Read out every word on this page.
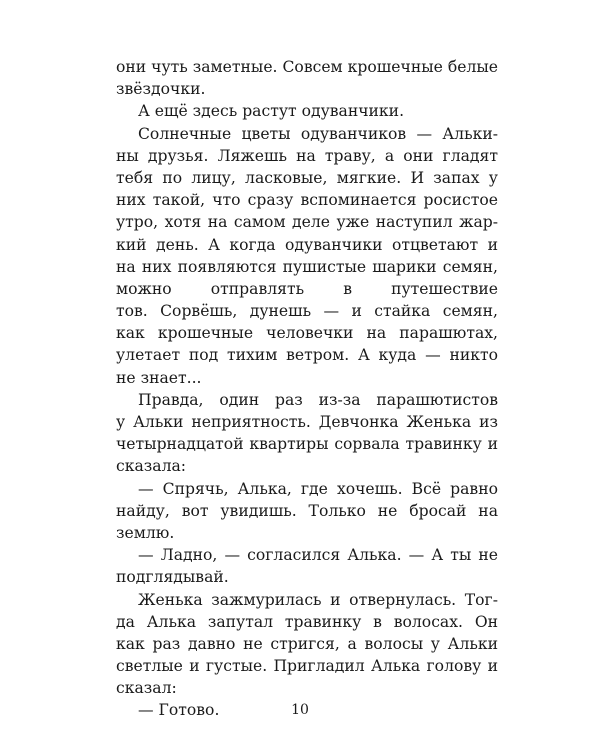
они чуть заметные. Совсем крошечные белые
звёздочки.
А ещё здесь растут одуванчики.
Солнечные цветы одуванчиков — Альки-
ны друзья. Ляжешь на траву, а они гладят
тебя по лицу, ласковые, мягкие. И запах у
них такой, что сразу вспоминается росистое
утро, хотя на самом деле уже наступил жар-
кий день. А когда одуванчики отцветают и
на них появляются пушистые шарики семян,
можно отправлять в путешествие
тов. Сорвёшь, дунешь — и стайка семян,
как крошечные человечки на парашютах,
улетает под тихим ветром. А куда — никто
не знает...
Правда, один раз из-за парашютистов
у Альки неприятность. Девчонка Женька из
четырнадцатой квартиры сорвала травинку и
сказала:
— Спрячь, Алька, где хочешь. Всё равно
найду, вот увидишь. Только не бросай на
землю.
— Ладно, — согласился Алька. — А ты не
подглядывай.
Женька зажмурилась и отвернулась. Тог-
да Алька запутал травинку в волосах. Он
как раз давно не стригся, а волосы у Альки
светлые и густые. Пригладил Алька голову и
сказал:
— Готово.	10
